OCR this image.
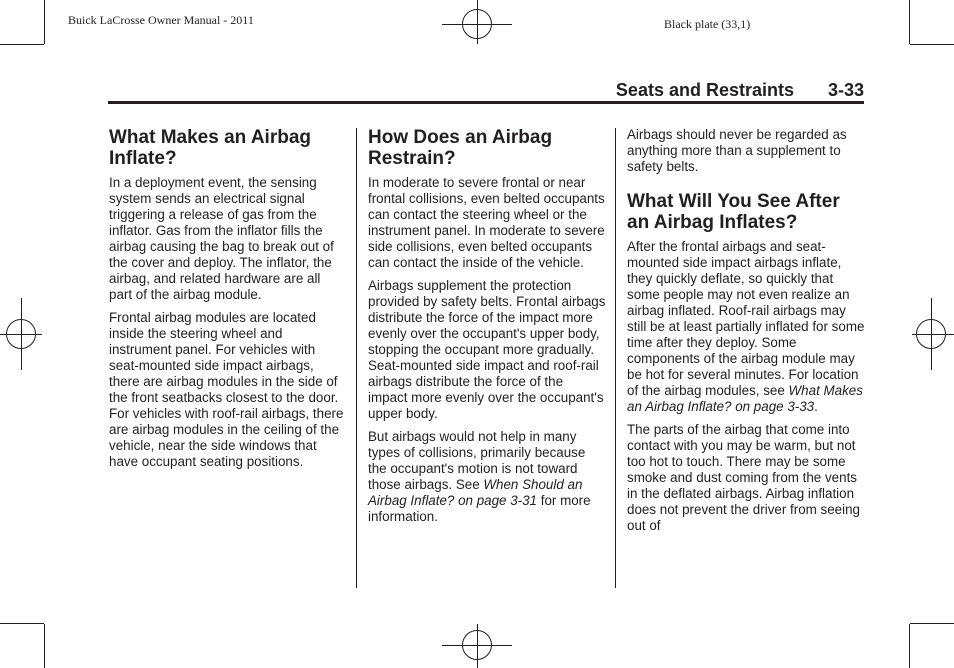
Buick LaCrosse Owner Manual - 2011	Black plate (33,1)
Seats and Restraints 3-33
What Makes an Airbag Inflate?

In a deployment event, the sensing system sends an electrical signal triggering a release of gas from the inflator. Gas from the inflator fills the airbag causing the bag to break out of the cover and deploy. The inflator, the airbag, and related hardware are all part of the airbag module.

Frontal airbag modules are located inside the steering wheel and instrument panel. For vehicles with seat-mounted side impact airbags, there are airbag modules in the side of the front seatbacks closest to the door. For vehicles with roof-rail airbags, there are airbag modules in the ceiling of the vehicle, near the side windows that have occupant seating positions.

How Does an Airbag Restrain?

In moderate to severe frontal or near frontal collisions, even belted occupants can contact the steering wheel or the instrument panel. In moderate to severe side collisions, even belted occupants can contact the inside of the vehicle.

Airbags supplement the protection provided by safety belts. Frontal airbags distribute the force of the impact more evenly over the occupant's upper body, stopping the occupant more gradually. Seat-mounted side impact and roof-rail airbags distribute the force of the impact more evenly over the occupant's upper body.

But airbags would not help in many types of collisions, primarily because the occupant's motion is not toward those airbags. See When Should an Airbag Inflate? on page 3-31 for more information.

Airbags should never be regarded as anything more than a supplement to safety belts.

What Will You See After an Airbag Inflates?

After the frontal airbags and seat-mounted side impact airbags inflate, they quickly deflate, so quickly that some people may not even realize an airbag inflated. Roof-rail airbags may still be at least partially inflated for some time after they deploy. Some components of the airbag module may be hot for several minutes. For location of the airbag modules, see What Makes an Airbag Inflate? on page 3-33.

The parts of the airbag that come into contact with you may be warm, but not too hot to touch. There may be some smoke and dust coming from the vents in the deflated airbags. Airbag inflation does not prevent the driver from seeing out of
